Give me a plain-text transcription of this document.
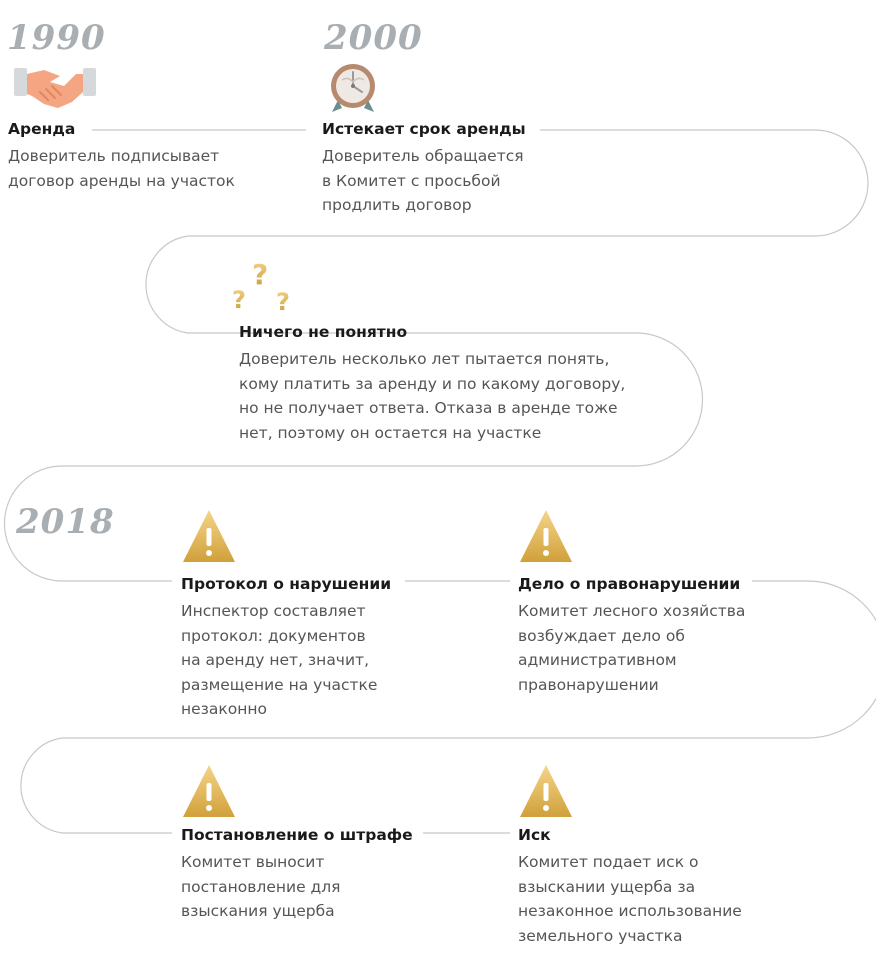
1990	2000
2018
?
? ?
Аренда
Доверитель подписывает
договор аренды на участок
Истекает срок аренды
Доверитель обращается
в Комитет с просьбой
продлить договор
Ничего не понятно
Доверитель несколько лет пытается понять,
кому платить за аренду и по какому договору,
но не получает ответа. Отказа в аренде тоже
нет, поэтому он остается на участке
Протокол о нарушении
Инспектор составляет
протокол: документов
на аренду нет, значит,
размещение на участке
незаконно
Дело о правонарушении
Комитет лесного хозяйства
возбуждает дело об
административном
правонарушении
Постановление о штрафе
Комитет выносит
постановление для
взыскания ущерба
Иск
Комитет подает иск о
взыскании ущерба за
незаконное использование
земельного участка
